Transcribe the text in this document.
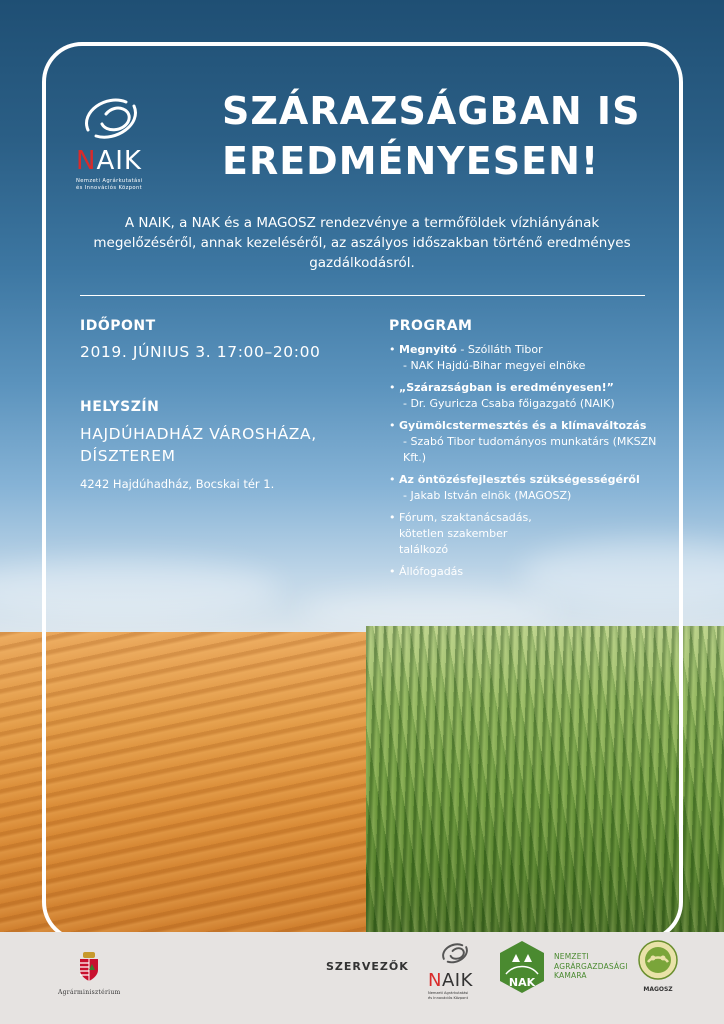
NAIK
Nemzeti Agrárkutatási
és Innovációs Központ
SZÁRAZSÁGBAN IS
EREDMÉNYESEN!

A NAIK, a NAK és a MAGOSZ rendezvénye a termőföldek vízhiányának megelőzéséről, annak kezeléséről, az aszályos időszakban történő eredményes gazdálkodásról.

IDŐPONT
2019. JÚNIUS 3. 17:00–20:00
HELYSZÍN
HAJDÚHADHÁZ VÁROSHÁZA, DÍSZTEREM
4242 Hajdúhadház, Bocskai tér 1.
PROGRAM
• Megnyitó - Szólláth Tibor
- NAK Hajdú-Bihar megyei elnöke
• „Szárazságban is eredményesen!”
- Dr. Gyuricza Csaba főigazgató (NAIK)
• Gyümölcstermesztés és a klímaváltozás
- Szabó Tibor tudományos munkatárs (MKSZN Kft.)
• Az öntözésfejlesztés szükségességéről
- Jakab István elnök (MAGOSZ)
• Fórum, szaktanácsadás, kötetlen szakember találkozó
• Állófogadás
Agrárminisztérium
SZERVEZŐK
NAIK
Nemzeti Agrárkutatási
és Innovációs Központ
NAK
NEMZETI
AGRÁRGAZDASÁGI
KAMARA
MAGOSZ
